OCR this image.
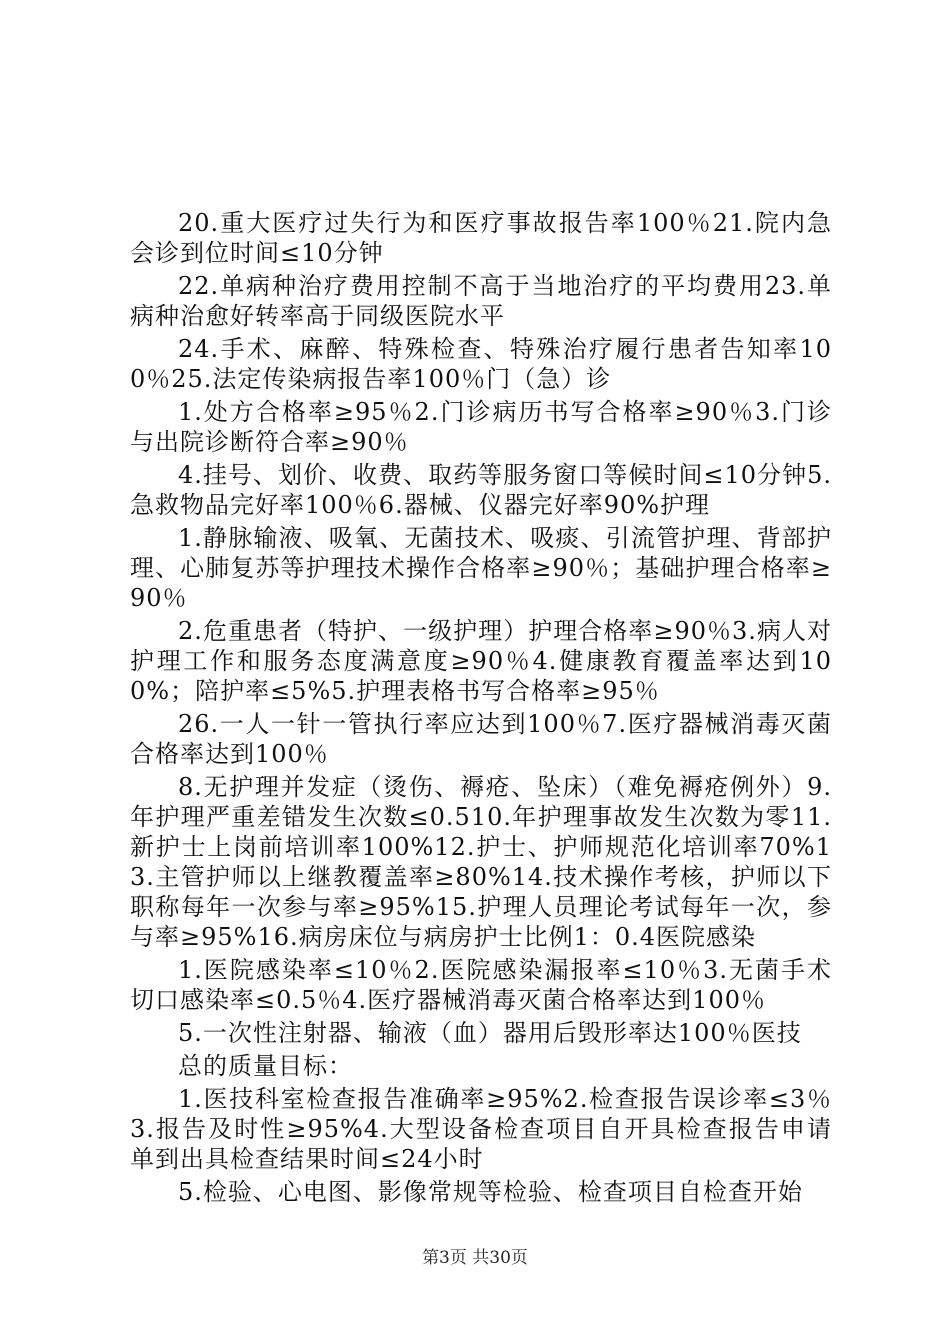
20.重大医疗过失行为和医疗事故报告率100％21.院内急会诊到位时间≤10分钟

22.单病种治疗费用控制不高于当地治疗的平均费用23.单病种治愈好转率高于同级医院水平

24.手术、麻醉、特殊检查、特殊治疗履行患者告知率100％25.法定传染病报告率100％门（急）诊

1.处方合格率≥95％2.门诊病历书写合格率≥90％3.门诊与出院诊断符合率≥90％

4.挂号、划价、收费、取药等服务窗口等候时间≤10分钟5.急救物品完好率100％6.器械、仪器完好率90%护理

1.静脉输液、吸氧、无菌技术、吸痰、引流管护理、背部护理、心肺复苏等护理技术操作合格率≥90％；基础护理合格率≥90％

2.危重患者（特护、一级护理）护理合格率≥90％3.病人对护理工作和服务态度满意度≥90％4.健康教育覆盖率达到100%；陪护率≤5%5.护理表格书写合格率≥95％

26.一人一针一管执行率应达到100％7.医疗器械消毒灭菌合格率达到100％

8.无护理并发症（烫伤、褥疮、坠床）（难免褥疮例外）9.年护理严重差错发生次数≤0.510.年护理事故发生次数为零11.新护士上岗前培训率100%12.护士、护师规范化培训率70%13.主管护师以上继教覆盖率≥80%14.技术操作考核，护师以下职称每年一次参与率≥95%15.护理人员理论考试每年一次，参与率≥95%16.病房床位与病房护士比例1：0.4医院感染

1.医院感染率≤10％2.医院感染漏报率≤10％3.无菌手术切口感染率≤0.5％4.医疗器械消毒灭菌合格率达到100％

5.一次性注射器、输液（血）器用后毁形率达100％医技

总的质量目标：

1.医技科室检查报告准确率≥95%2.检查报告误诊率≤3％3.报告及时性≥95%4.大型设备检查项目自开具检查报告申请单到出具检查结果时间≤24小时

5.检验、心电图、影像常规等检验、检查项目自检查开始

第3页 共30页
